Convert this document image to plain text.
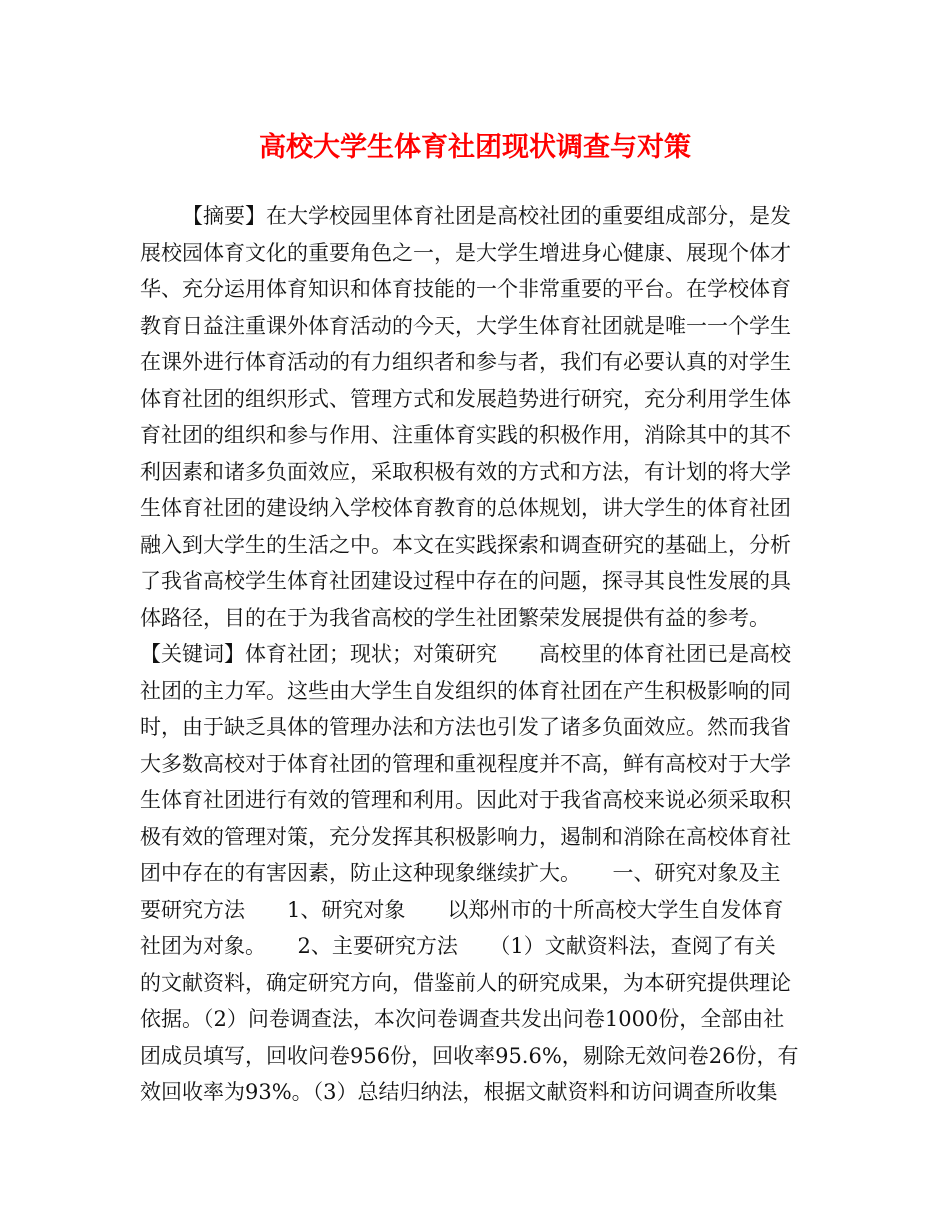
高校大学生体育社团现状调查与对策
【摘要】在大学校园里体育社团是高校社团的重要组成部分，是发
展校园体育文化的重要角色之一，是大学生增进身心健康、展现个体才
华、充分运用体育知识和体育技能的一个非常重要的平台。在学校体育
教育日益注重课外体育活动的今天，大学生体育社团就是唯一一个学生
在课外进行体育活动的有力组织者和参与者，我们有必要认真的对学生
体育社团的组织形式、管理方式和发展趋势进行研究，充分利用学生体
育社团的组织和参与作用、注重体育实践的积极作用，消除其中的其不
利因素和诸多负面效应，采取积极有效的方式和方法，有计划的将大学
生体育社团的建设纳入学校体育教育的总体规划，讲大学生的体育社团
融入到大学生的生活之中。本文在实践探索和调查研究的基础上，分析
了我省高校学生体育社团建设过程中存在的问题，探寻其良性发展的具
体路径，目的在于为我省高校的学生社团繁荣发展提供有益的参考。
【关键词】体育社团；现状；对策研究　　高校里的体育社团已是高校
社团的主力军。这些由大学生自发组织的体育社团在产生积极影响的同
时，由于缺乏具体的管理办法和方法也引发了诸多负面效应。然而我省
大多数高校对于体育社团的管理和重视程度并不高，鲜有高校对于大学
生体育社团进行有效的管理和利用。因此对于我省高校来说必须采取积
极有效的管理对策，充分发挥其积极影响力，遏制和消除在高校体育社
团中存在的有害因素，防止这种现象继续扩大。　　一、研究对象及主
要研究方法　　1、研究对象　　以郑州市的十所高校大学生自发体育
社团为对象。　　2、主要研究方法　　（1）文献资料法，查阅了有关
的文献资料，确定研究方向，借鉴前人的研究成果，为本研究提供理论
依据。（2）问卷调查法，本次问卷调查共发出问卷1000份，全部由社
团成员填写，回收问卷956份，回收率95.6%，剔除无效问卷26份，有
效回收率为93%。（3）总结归纳法，根据文献资料和访问调查所收集
